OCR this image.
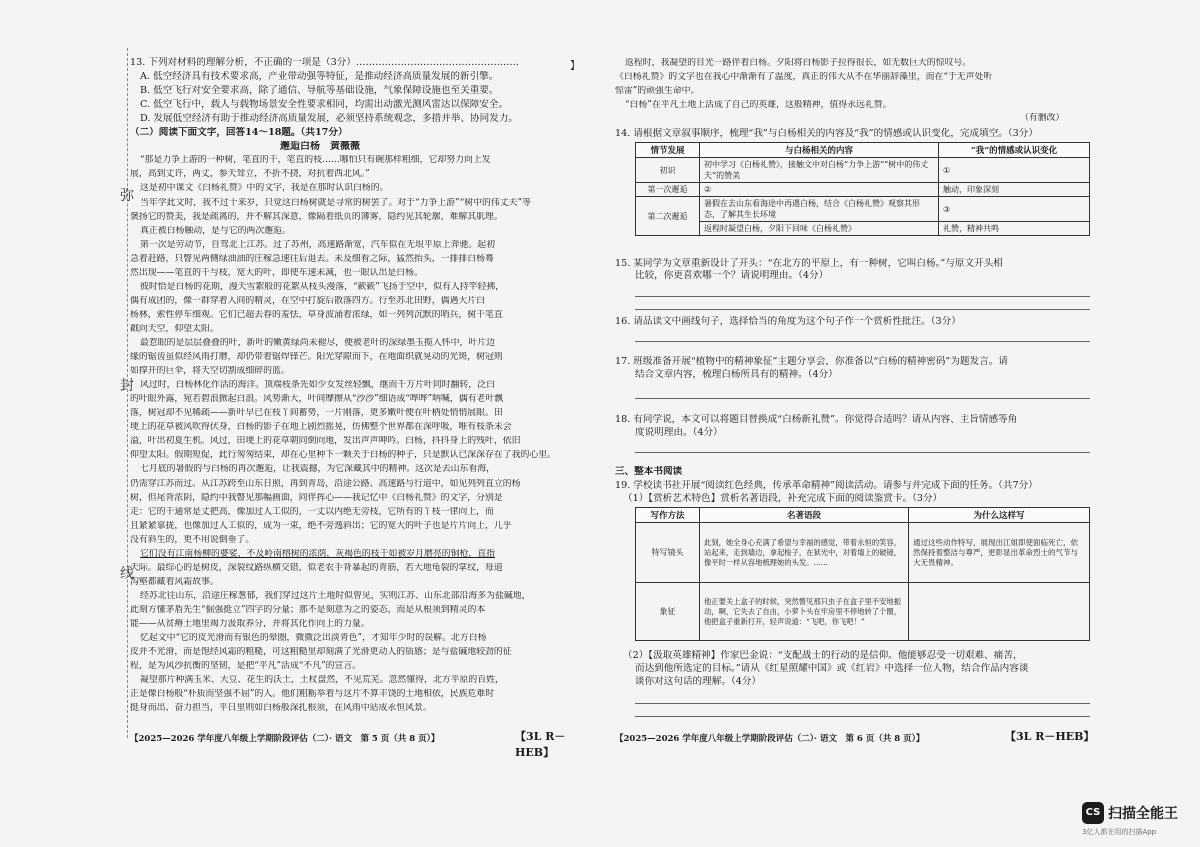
弥
封
线
】
13. 下列对材料的理解分析，不正确的一项是（3分）……………………………………………
A. 低空经济具有技术要求高，产业带动强等特征，是推动经济高质量发展的新引擎。
B. 低空飞行对安全要求高，除了通信、导航等基础设施，气象保障设施也至关重要。
C. 低空飞行中，载人与载物场景安全性要求相同，均需出动激光测风雷达以保障安全。
D. 发展低空经济有助于推动经济高质量发展，必须坚持系统观念，多措并举、协同发力。
（二）阅读下面文字，回答14～18题。（共17分）
邂逅白杨　黄薇薇
“那是力争上游的一种树，笔直的干，笔直的枝……哪怕只有碗那样粗细，它却努力向上发
展，高到丈许，两丈，参天耸立，不折不挠，对抗着西北风。”
这是初中课文《白杨礼赞》中的文字，我是在那时认识白杨的。
当年学此文时，我不过十来岁，只觉这白杨树就是寻常的树罢了。对于“力争上游”“树中的伟丈夫”等
褒扬它的赞美，我是疏离的，并不解其深意，像隔着纸页的薄雾，隐约见其轮廓，难解其肌理。
真正被白杨触动，是与它的两次邂逅。
第一次是劳动节，自驾北上江苏。过了苏州，高速路渐宽，汽车似在无垠平原上奔驰。起初
急着赶路，只瞥见两侧绿油油的庄稼急速往后退去。未及细看之际，猛然抬头，一排排白杨蓦
然出现——笔直的干与枝，宽大的叶，即使车速未减，也一眼认出是白杨。
彼时恰是白杨的花期，漫天雪絮般的花絮从枝头漫落，“簌簌”飞扬于空中，似有人持竿轻拂，
偶有成团的，像一群穿着入间的精灵，在空中打旋后散落四方。行至苏北田野，偶遇大片白
杨林，索性停车细观。它们已超去春的羞怯，草身波涌着浓绿，如一列列沉默的哨兵，树干笔直
戳向天空，仰望太阳。
最惹眼的是层层叠叠的叶，新叶的嫩黄绿尚未褪尽，便被老叶的深绿墨玉揽入怀中，叶片边
缘的锯齿虽似经风雨打磨，却仍带着锯焊锋芒。阳光穿隙而下，在地面织就晃动的光斑，树冠则
如撑开的巨伞，将天空切割成细碎的蓝。
风过时，白杨林化作活的海洋。顶端枝条先如少女发丝轻飘，继而千万片叶同时翻转，泛白
的叶眼外露，宛若碧浪掀起白浪。风势渐大，叶间摩擦从“沙沙”细语成“哗哗”呐喊，偶有老叶飘
落，树冠却不见稀疏——新叶早已在枝丫间蓄势，一片刚落，更多嫩叶便在叶柄处悄悄展眼。田
埂上的花草被风吹得伏身，白杨的影子在地上剧烈摇晃，仿佛整个世界都在深呼吸，唯有枝条未会
溢，叶出初夏生机。风过，田埂上的花草朝同倒向地，发出声声呻吟。白杨，抖抖身上的残叶，依旧
仰望太阳。假期短促，此行匆匆结束，却在心里种下一颗关于白杨的种子，只是默认已深深存在了我的心里。
七月底的暑假的与白杨的再次邂逅，让我震撼，为它深藏其中的精神。这次是去山东看海，
仍需穿江苏而过。从江苏跨至山东日照，再到青岛，沿途公路、高速路与行道中，如见列列直立的杨
树，但尾背浓阴，隐约中我瞥见那幅画面，同伴挥心——我记忆中《白杨礼赞》的文字，分别是
走：它的干通常是丈把高，像加过人工似的，一丈以内绝无旁枝，它所有的丫枝一律向上，而
且紧紧靠拢，也像加过人工似的，成为一束，绝不旁逸斜出；它的宽大的叶子也是片片向上，几乎
没有斜生的，更不用说倒垂了。
它们没有江南杨柳的婆娑，不及岭南榕树的浓荫，灰褐色的枝干如被岁月磨亮的铜枪，直指
天际。最综心的是树皮，深裂纹路纵横交错，似老农手背暴起的青筋，若大地龟裂的掌纹，每道
沟壑都藏着风霜故事。
经苏北往山东，沿途庄稼葱郁，我们穿过这片土地时似曾见，实则江苏、山东北部沿海多为盐碱地，
此刻方懂茅盾先生“倔强挺立”四字的分量；那不是刻意为之的姿态，而是从根须到精灵的本
能——从贫瘠土地里竭力汲取养分，并将其化作向上的力量。
忆起文中“它的皮光滑而有银色的晕圈，微微泛出淡青色”，才知年少时的误解。北方白杨
皮并不光滑，而是饱经风霜的粗糙，可这粗糙里却刻满了光滑更动人的质感；是与盐碱地较劲的征
程，是为风沙抗衡的坚韧，是把“平凡”活成“不凡”的宣言。
凝望那片种满玉米、大豆、花生的沃土，土杖盘然，不见荒芜。忽然懂得，北方平原的百姓，
正是像白杨般“朴质而坚强不屈”的人。他们粗粝举着与这片不算丰饶的土地相依，民族危难时
挺身而出、奋力担当，平日里则如白杨般深扎根须，在风雨中站成永恒风景。
【2025—2026 学年度八年级上学期阶段评估（二）· 语文　第 5 页（共 8 页）】	【3L R－HEB】
返程时，我凝望的目光一路伴着白杨。夕阳将白杨影子拉得很长，如无数巨大的惊叹号。
《白杨礼赞》的文字也在我心中渐渐有了温度，真正的伟大从不在华丽辞藻里，而在“于无声处听
惊雷”的顽强生命中。
“白杨”在平凡土地上活成了自己的英雄，这般精神，值得永远礼赞。
（有删改）
14. 请根据文章叙事顺序，梳理“我”与白杨相关的内容及“我”的情感或认识变化，完成填空。（3分）
情节发展	与白杨相关的内容	“我”的情感或认识变化
初识	初中学习《白杨礼赞》，接触文中对白杨“力争上游”“树中的伟丈夫”的赞美	①
第一次邂逅	②	触动，印象深刻
第二次邂逅	暑假在去山东看海途中再遇白杨，结合《白杨礼赞》观察其形态，了解其生长环境	③
	返程时凝望白杨，夕阳下回味《白杨礼赞》	礼赞，精神共鸣
15. 某同学为文章重新设计了开头：“在北方的平原上，有一种树，它叫白杨。”与原文开头相
比较，你更喜欢哪一个？请说明理由。（4分）
16. 请品读文中画线句子，选择恰当的角度为这个句子作一个赏析性批注。（3分）
17. 班级准备开展“植物中的精神象征”主题分享会，你准备以“白杨的精神密码”为题发言。请
结合文章内容，梳理白杨所具有的精神。（4分）
18. 有同学说，本文可以将题目替换成“白杨新礼赞”。你觉得合适吗？请从内容、主旨情感等角
度说明理由。（4分）
三、整本书阅读
19. 学校读书社开展“阅读红色经典，传承革命精神”阅读活动。请参与并完成下面的任务。（共7分）
（1）【赏析艺术特色】赏析名著语段，补充完成下面的阅读鉴赏卡。（3分）
写作方法	名著语段	为什么这样写
特写镜头	此刻，她全身心充满了希望与幸福的感觉，带着永恒的笑容，站起来，走到墙边，拿起梭子，在狱光中，对着墙上的破镜，像平时一样从容地梳理她的头发。……	通过这些动作特写，展现出江姐即使面临死亡，依然保持着整洁与尊严，更彰显出革命烈士的气节与大无畏精神。
象征	他正要关上盒子的时候，突然瞥见那只虫子在盒子里不安地振动，啊，它失去了自由，小萝卜头在牢房里不停地转了个圈，他把盒子重新打开，轻声说道：“飞吧，你飞吧！”	
（2）【汲取英雄精神】作家巴金说：“支配战士的行动的是信仰。他能够忍受一切艰难、痛苦，
而达到他所选定的目标。”请从《红星照耀中国》或《红岩》中选择一位人物，结合作品内容谈
谈你对这句话的理解。（4分）
【2025—2026 学年度八年级上学期阶段评估（二）· 语文　第 6 页（共 8 页）】	【3L R－HEB】
CS 扫描全能王
3亿人都在用的扫描App
